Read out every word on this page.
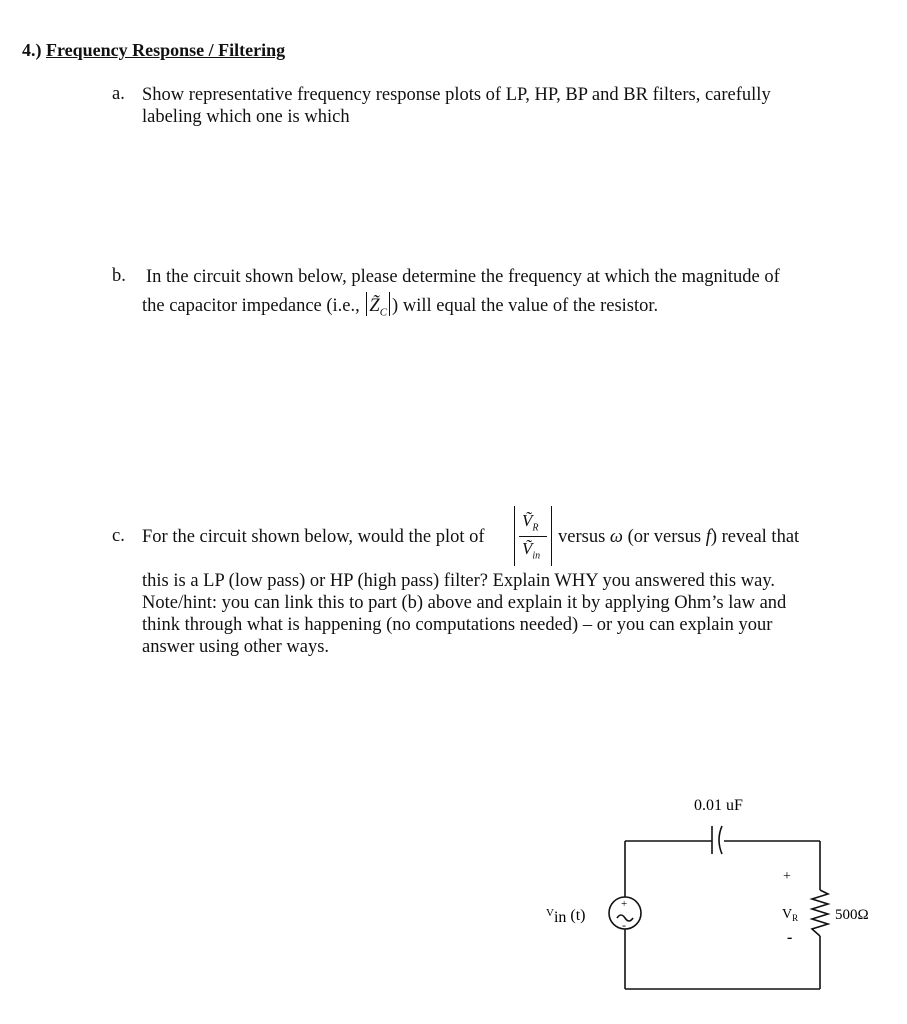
4.) Frequency Response / Filtering
a. Show representative frequency response plots of LP, HP, BP and BR filters, carefully
labeling which one is which
b. In the circuit shown below, please determine the frequency at which the magnitude of
the capacitor impedance (i.e., $Z̃_C$ ) will equal the value of the resistor.
c. For the circuit shown below, would the plot of
Ṽ$_R$
Ṽ$_{in}$
versus ω (or versus f) reveal that
this is a LP (low pass) or HP (high pass) filter? Explain WHY you answered this way.
Note/hint: you can link this to part (b) above and explain it by applying Ohm’s law and
think through what is happening (no computations needed) – or you can explain your
answer using other ways.
+
-
0.01 uF
$^V$in (t)
+
$V_R$
-
500Ω
